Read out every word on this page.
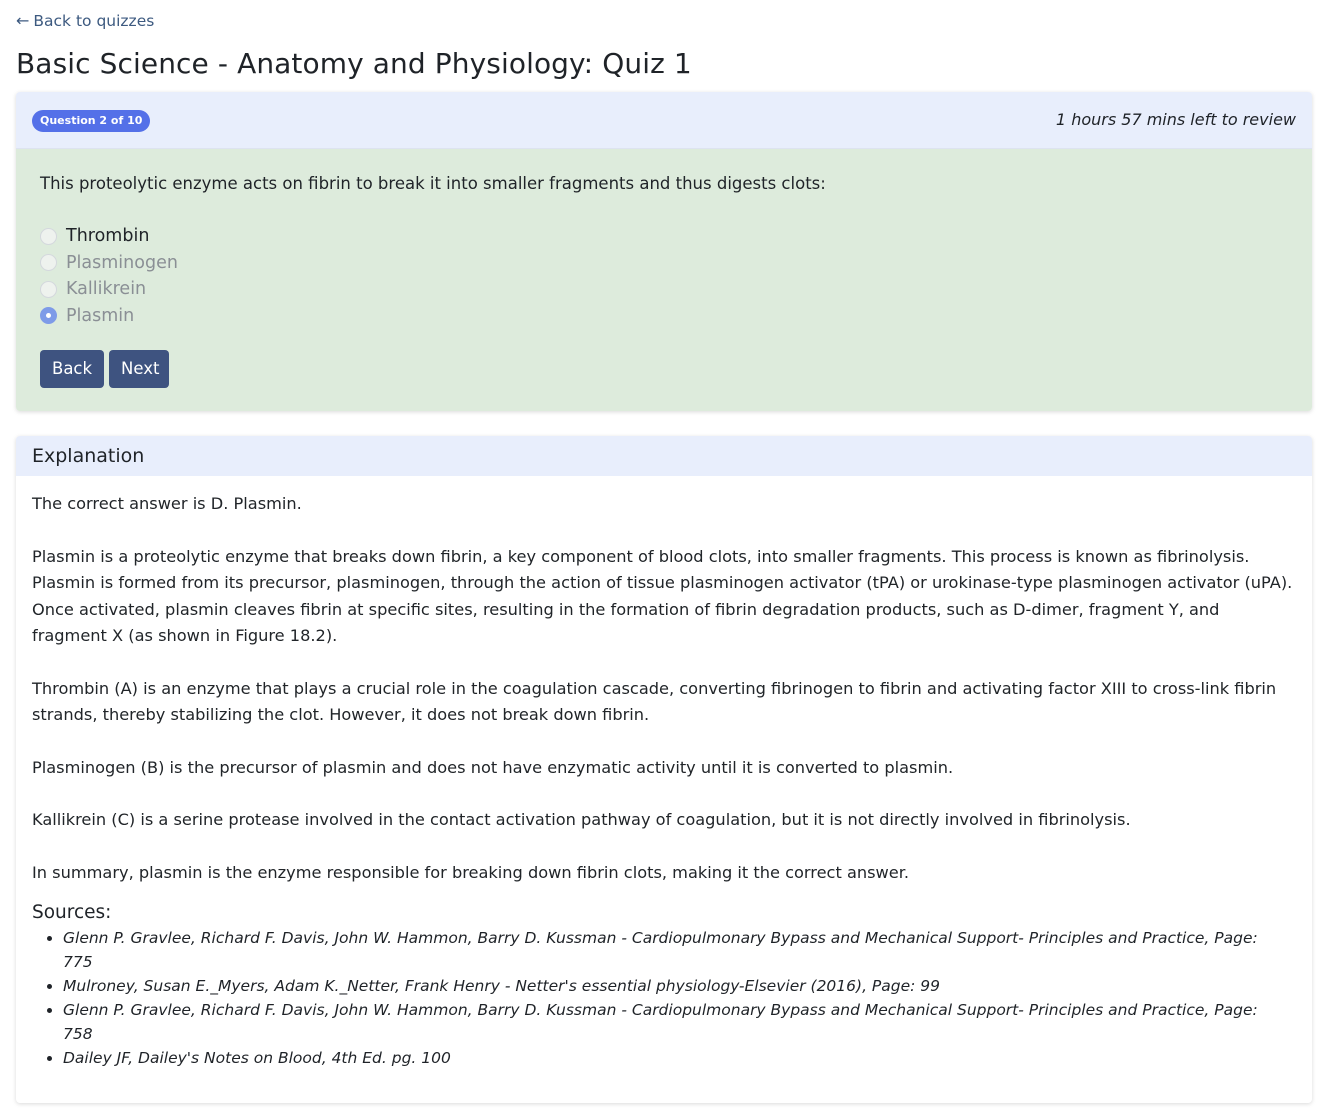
← Back to quizzes
Basic Science - Anatomy and Physiology: Quiz 1
Question 2 of 10	1 hours 57 mins left to review

This proteolytic enzyme acts on fibrin to break it into smaller fragments and thus digests clots:

Thrombin
Plasminogen
Kallikrein
Plasmin
Back	Next
Explanation

The correct answer is D. Plasmin.

Plasmin is a proteolytic enzyme that breaks down fibrin, a key component of blood clots, into smaller fragments. This process is known as fibrinolysis. Plasmin is formed from its precursor, plasminogen, through the action of tissue plasminogen activator (tPA) or urokinase-type plasminogen activator (uPA). Once activated, plasmin cleaves fibrin at specific sites, resulting in the formation of fibrin degradation products, such as D-dimer, fragment Y, and fragment X (as shown in Figure 18.2).

Thrombin (A) is an enzyme that plays a crucial role in the coagulation cascade, converting fibrinogen to fibrin and activating factor XIII to cross-link fibrin strands, thereby stabilizing the clot. However, it does not break down fibrin.

Plasminogen (B) is the precursor of plasmin and does not have enzymatic activity until it is converted to plasmin.

Kallikrein (C) is a serine protease involved in the contact activation pathway of coagulation, but it is not directly involved in fibrinolysis.

In summary, plasmin is the enzyme responsible for breaking down fibrin clots, making it the correct answer.

Sources:
• Glenn P. Gravlee, Richard F. Davis, John W. Hammon, Barry D. Kussman - Cardiopulmonary Bypass and Mechanical Support- Principles and Practice, Page: 775
• Mulroney, Susan E._Myers, Adam K._Netter, Frank Henry - Netter's essential physiology-Elsevier (2016), Page: 99
• Glenn P. Gravlee, Richard F. Davis, John W. Hammon, Barry D. Kussman - Cardiopulmonary Bypass and Mechanical Support- Principles and Practice, Page: 758
• Dailey JF, Dailey's Notes on Blood, 4th Ed. pg. 100
